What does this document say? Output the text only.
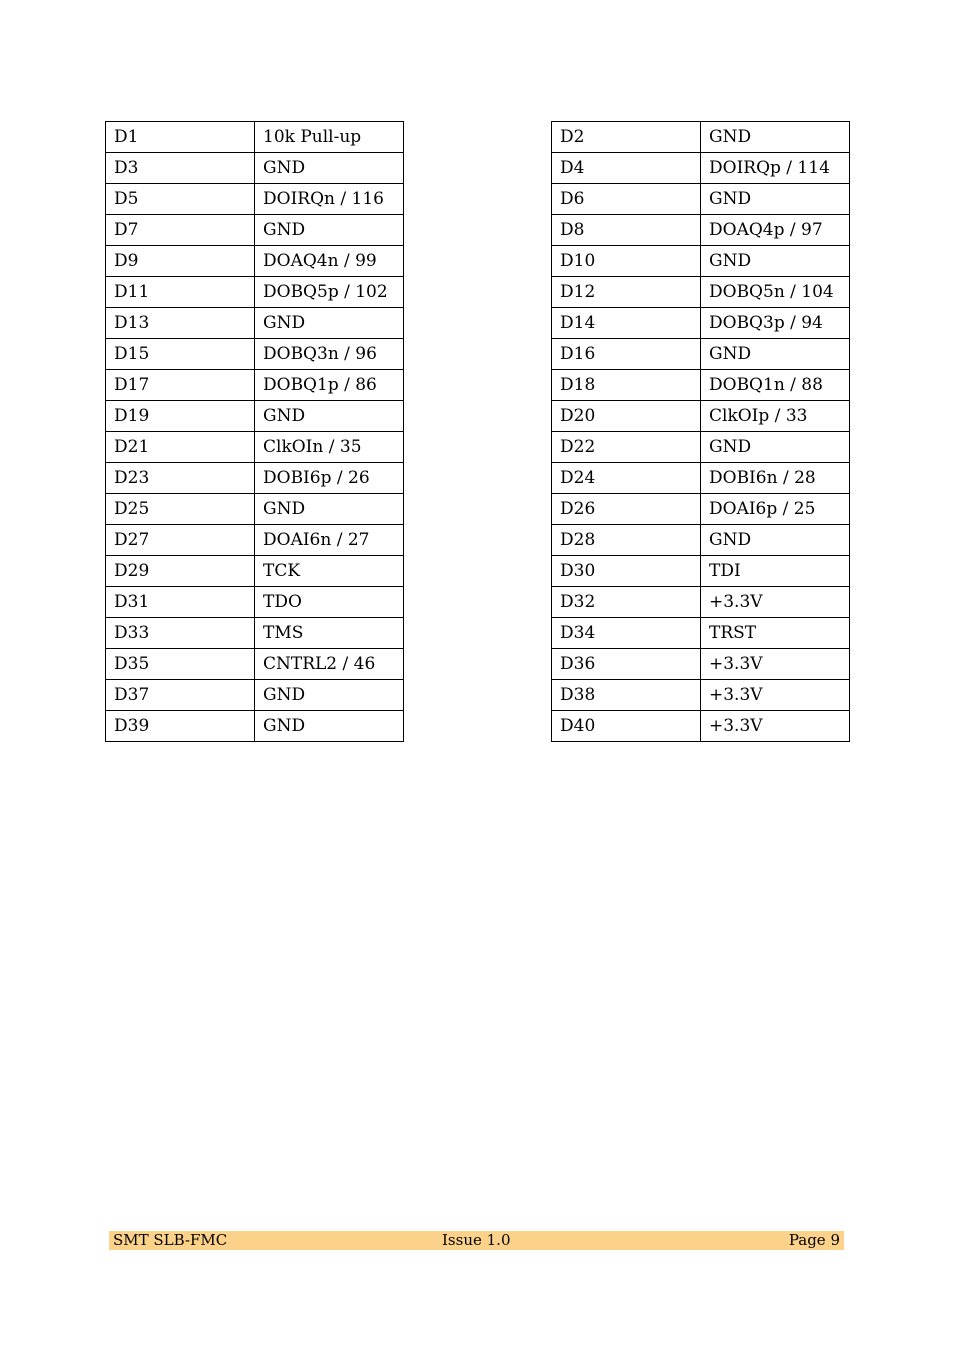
D1	10k Pull-up
D3	GND
D5	DOIRQn / 116
D7	GND
D9	DOAQ4n / 99
D11	DOBQ5p / 102
D13	GND
D15	DOBQ3n / 96
D17	DOBQ1p / 86
D19	GND
D21	ClkOIn / 35
D23	DOBI6p / 26
D25	GND
D27	DOAI6n / 27
D29	TCK
D31	TDO
D33	TMS
D35	CNTRL2 / 46
D37	GND
D39	GND
D2	GND
D4	DOIRQp / 114
D6	GND
D8	DOAQ4p / 97
D10	GND
D12	DOBQ5n / 104
D14	DOBQ3p / 94
D16	GND
D18	DOBQ1n / 88
D20	ClkOIp / 33
D22	GND
D24	DOBI6n / 28
D26	DOAI6p / 25
D28	GND
D30	TDI
D32	+3.3V
D34	TRST
D36	+3.3V
D38	+3.3V
D40	+3.3V
SMT SLB-FMC	Issue 1.0	Page 9
